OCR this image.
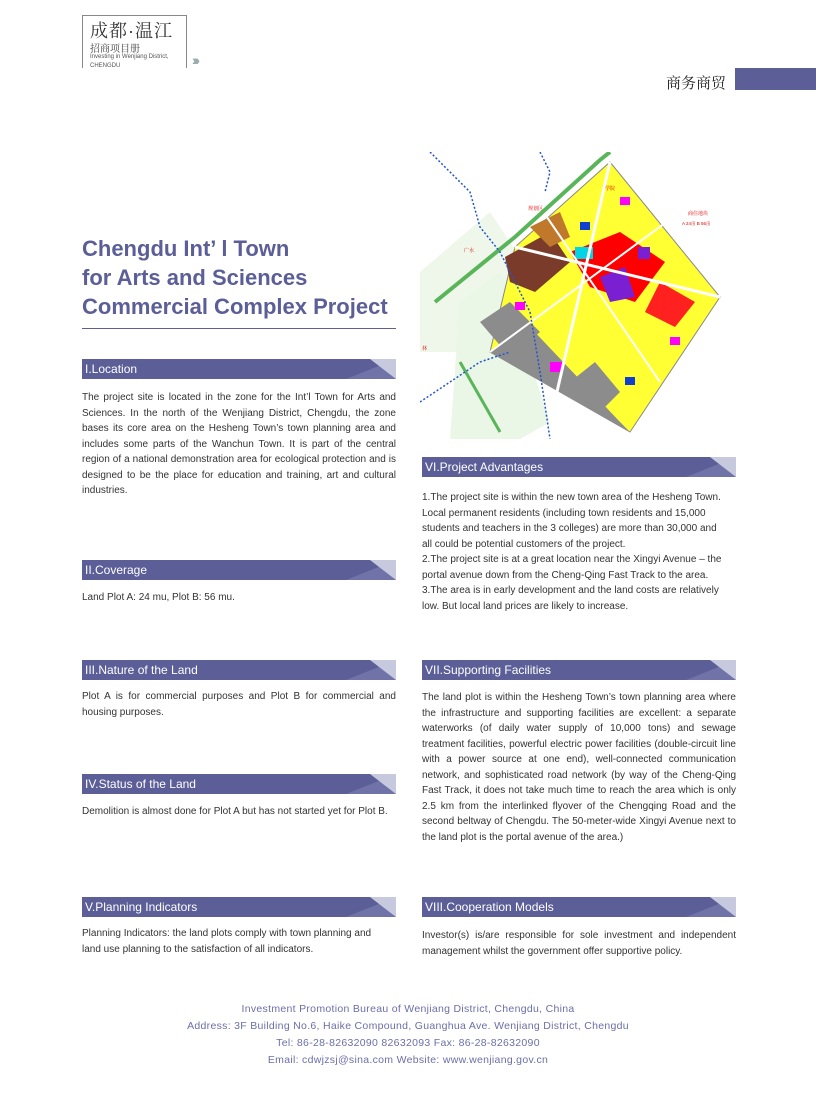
成都·温江
招商项目册
Investing in Wenjiang District,
CHENGDU	›››
商务商贸
Chengdu Int’ l Town
for Arts and Sciences
Commercial Complex Project
规划区
商住地块
A 24亩 B 56亩
广水
林
学院
I.Location
The project site is located in the zone for the Int’l Town for Arts and Sciences. In the north of the Wenjiang District, Chengdu, the zone bases its core area on the Hesheng Town’s town planning area and includes some parts of the Wanchun Town. It is part of the central region of a national demonstration area for ecological protection and is designed to be the place for education and training, art and cultural industries.
II.Coverage
Land Plot A: 24 mu, Plot B: 56 mu.
III.Nature of the Land
Plot A is for commercial purposes and Plot B for commercial and housing purposes.
IV.Status of the Land
Demolition is almost done for Plot A but has not started yet for Plot B.
V.Planning Indicators
Planning Indicators: the land plots comply with town planning and land use planning to the satisfaction of all indicators.
VI.Project Advantages
1.The project site is within the new town area of the Hesheng Town. Local permanent residents (including town residents and 15,000 students and teachers in the 3 colleges) are more than 30,000 and all could be potential customers of the project.
2.The project site is at a great location near the Xingyi Avenue – the portal avenue down from the Cheng-Qing Fast Track to the area.
3.The area is in early development and the land costs are relatively low. But local land prices are likely to increase.
VII.Supporting Facilities
The land plot is within the Hesheng Town’s town planning area where the infrastructure and supporting facilities are excellent: a separate waterworks (of daily water supply of 10,000 tons) and sewage treatment facilities, powerful electric power facilities (double-circuit line with a power source at one end), well-connected communication network, and sophisticated road network (by way of the Cheng-Qing Fast Track, it does not take much time to reach the area which is only 2.5 km from the interlinked flyover of the Chengqing Road and the second beltway of Chengdu. The 50-meter-wide Xingyi Avenue next to the land plot is the portal avenue of the area.)
VIII.Cooperation Models
Investor(s) is/are responsible for sole investment and independent management whilst the government offer supportive policy.
Investment Promotion Bureau of Wenjiang District, Chengdu, China
Address: 3F Building No.6, Haike Compound, Guanghua Ave. Wenjiang District, Chengdu
Tel: 86-28-82632090 82632093 Fax: 86-28-82632090
Email: cdwjzsj@sina.com Website: www.wenjiang.gov.cn
